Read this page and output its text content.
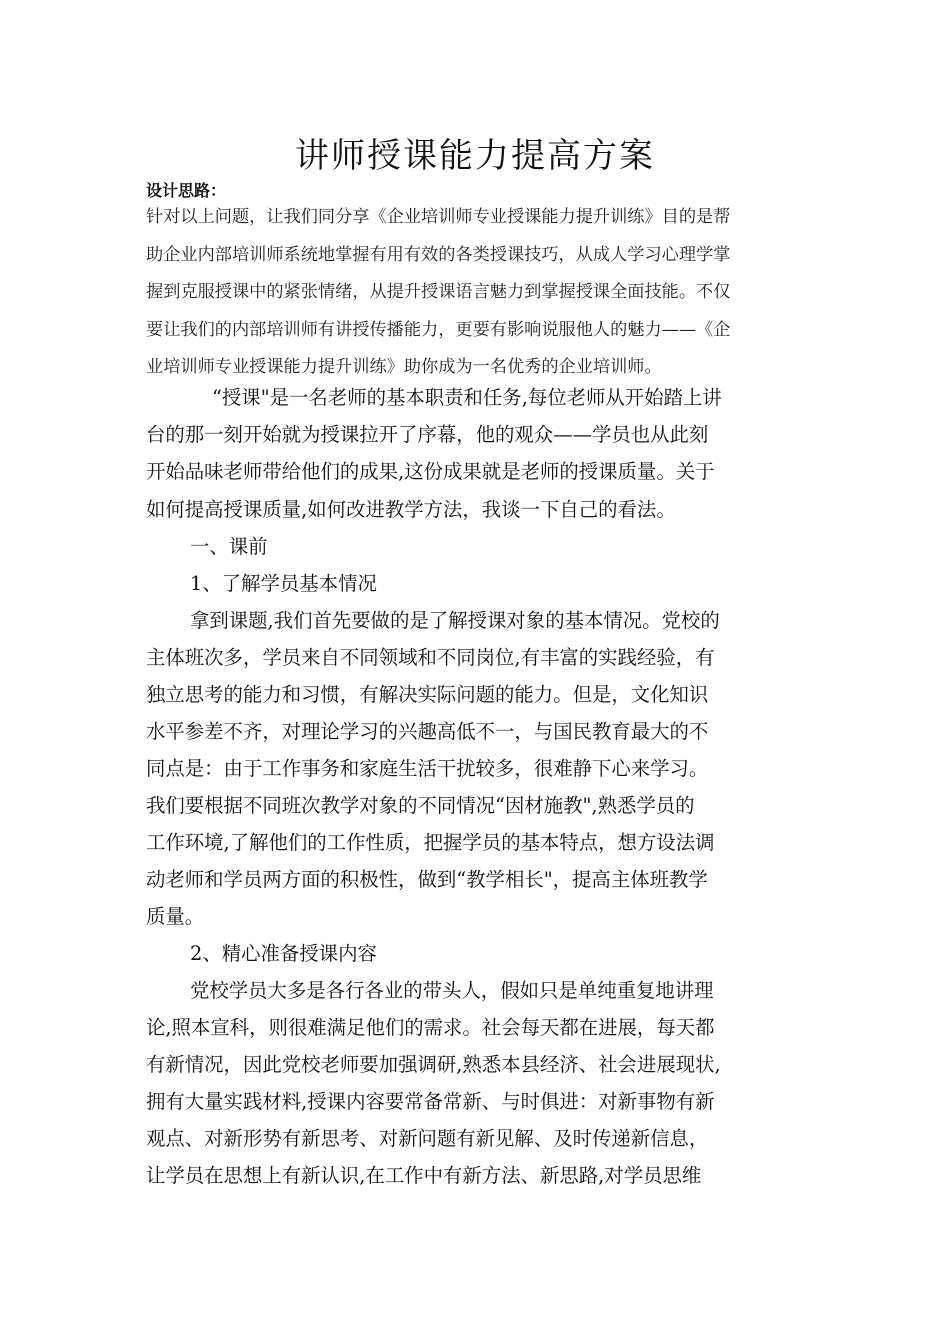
讲师授课能力提高方案
设计思路：
针对以上问题，让我们同分享《企业培训师专业授课能力提升训练》目的是帮
助企业内部培训师系统地掌握有用有效的各类授课技巧，从成人学习心理学掌
握到克服授课中的紧张情绪，从提升授课语言魅力到掌握授课全面技能。不仅
要让我们的内部培训师有讲授传播能力，更要有影响说服他人的魅力——《企
业培训师专业授课能力提升训练》助你成为一名优秀的企业培训师。
“授课"是一名老师的基本职责和任务,每位老师从开始踏上讲
台的那一刻开始就为授课拉开了序幕，他的观众——学员也从此刻
开始品味老师带给他们的成果,这份成果就是老师的授课质量。关于
如何提高授课质量,如何改进教学方法，我谈一下自己的看法。
一、课前
1、了解学员基本情况
拿到课题,我们首先要做的是了解授课对象的基本情况。党校的
主体班次多，学员来自不同领域和不同岗位,有丰富的实践经验，有
独立思考的能力和习惯，有解决实际问题的能力。但是，文化知识
水平参差不齐，对理论学习的兴趣高低不一，与国民教育最大的不
同点是：由于工作事务和家庭生活干扰较多，很难静下心来学习。
我们要根据不同班次教学对象的不同情况“因材施教",熟悉学员的
工作环境,了解他们的工作性质，把握学员的基本特点，想方设法调
动老师和学员两方面的积极性，做到“教学相长"，提高主体班教学
质量。
2、精心准备授课内容
党校学员大多是各行各业的带头人，假如只是单纯重复地讲理
论,照本宣科，则很难满足他们的需求。社会每天都在进展，每天都
有新情况，因此党校老师要加强调研,熟悉本县经济、社会进展现状,
拥有大量实践材料,授课内容要常备常新、与时俱进：对新事物有新
观点、对新形势有新思考、对新问题有新见解、及时传递新信息，
让学员在思想上有新认识,在工作中有新方法、新思路,对学员思维
